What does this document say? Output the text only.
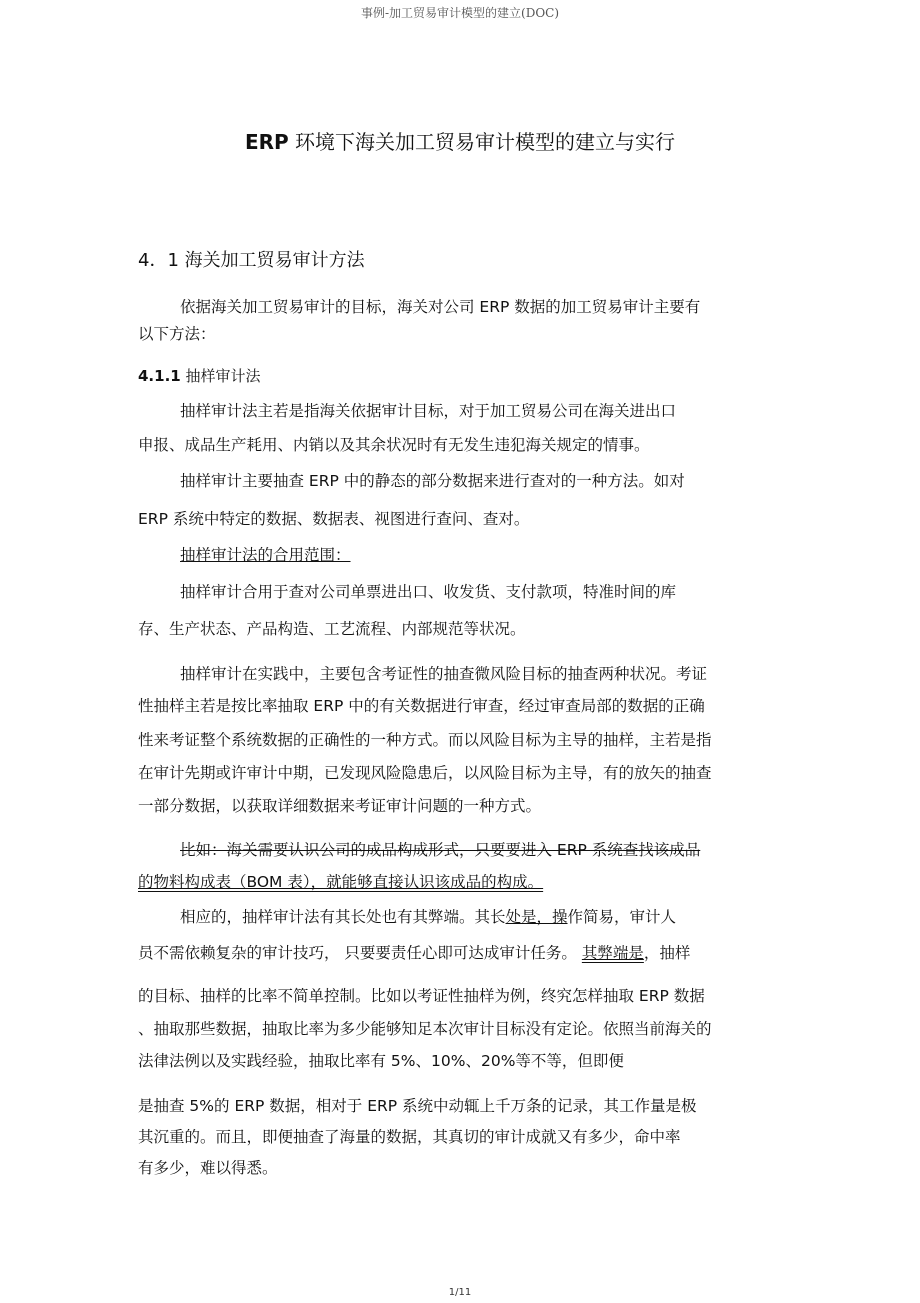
事例-加工贸易审计模型的建立(DOC)
ERP 环境下海关加工贸易审计模型的建立与实行
4．1 海关加工贸易审计方法

依据海关加工贸易审计的目标，海关对公司 ERP 数据的加工贸易审计主要有

以下方法：

4.1.1 抽样审计法

抽样审计法主若是指海关依据审计目标，对于加工贸易公司在海关进出口

申报、成品生产耗用、内销以及其余状况时有无发生违犯海关规定的情事。

抽样审计主要抽查 ERP 中的静态的部分数据来进行查对的一种方法。如对

ERP 系统中特定的数据、数据表、视图进行查问、查对。

抽样审计法的合用范围：

抽样审计合用于查对公司单票进出口、收发货、支付款项，特准时间的库

存、生产状态、产品构造、工艺流程、内部规范等状况。

抽样审计在实践中，主要包含考证性的抽查微风险目标的抽查两种状况。考证

性抽样主若是按比率抽取 ERP 中的有关数据进行审查，经过审查局部的数据的正确

性来考证整个系统数据的正确性的一种方式。而以风险目标为主导的抽样，主若是指

在审计先期或许审计中期，已发现风险隐患后，以风险目标为主导，有的放矢的抽查

一部分数据，以获取详细数据来考证审计问题的一种方式。

比如：海关需要认识公司的成品构成形式，只要要进入 ERP 系统查找该成品

的物料构成表（BOM 表），就能够直接认识该成品的构成。

相应的，抽样审计法有其长处也有其弊端。其长处是，操作简易，审计人

员不需依赖复杂的审计技巧， 只要要责任心即可达成审计任务。 其弊端是，抽样

的目标、抽样的比率不简单控制。比如以考证性抽样为例，终究怎样抽取 ERP 数据

、抽取那些数据，抽取比率为多少能够知足本次审计目标没有定论。依照当前海关的

法律法例以及实践经验，抽取比率有 5%、10%、20%等不等，但即便

是抽查 5%的 ERP 数据，相对于 ERP 系统中动辄上千万条的记录，其工作量是极

其沉重的。而且，即便抽查了海量的数据，其真切的审计成就又有多少，命中率

有多少，难以得悉。

1/11
